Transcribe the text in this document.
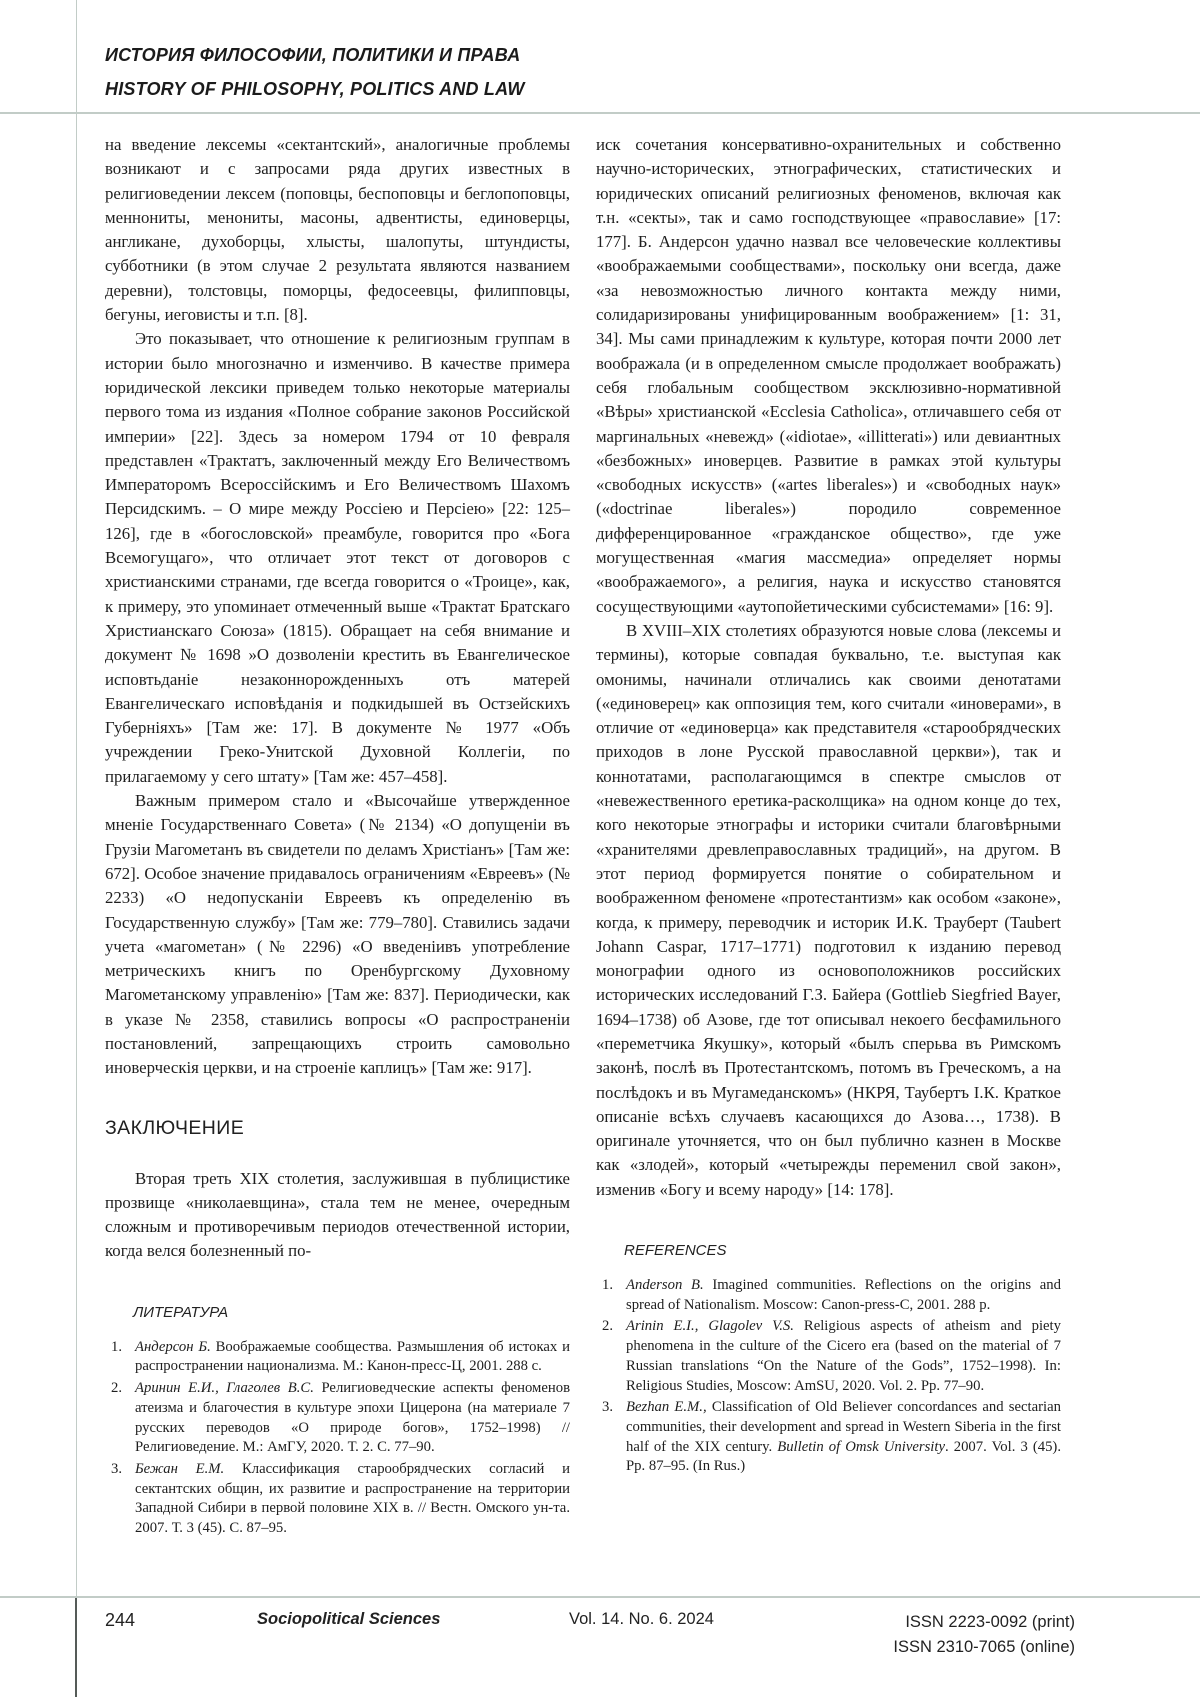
ИСТОРИЯ ФИЛОСОФИИ, ПОЛИТИКИ И ПРАВА
HISTORY OF PHILOSOPHY, POLITICS AND LAW

на введение лексемы «сектантский», аналогичные проблемы возникают и с запросами ряда других известных в религиоведении лексем (поповцы, беспоповцы и беглопоповцы, меннониты, менониты, масоны, адвентисты, единоверцы, англикане, духоборцы, хлысты, шалопуты, штундисты, субботники (в этом случае 2 результата являются названием деревни), толстовцы, поморцы, федосеевцы, филипповцы, бегуны, иеговисты и т.п. [8].

Это показывает, что отношение к религиозным группам в истории было многозначно и изменчиво. В качестве примера юридической лексики приведем только некоторые материалы первого тома из издания «Полное собрание законов Российской империи» [22]. Здесь за номером 1794 от 10 февраля представлен «Трактатъ, заключенный между Его Величествомъ Императоромъ Всероссійскимъ и Его Величествомъ Шахомъ Персидскимъ. – О мире между Россіею и Персіею» [22: 125–126], где в «богословской» преамбуле, говорится про «Бога Всемогущаго», что отличает этот текст от договоров с христианскими странами, где всегда говорится о «Троице», как, к примеру, это упоминает отмеченный выше «Трактат Братскаго Христианскаго Союза» (1815). Обращает на себя внимание и документ № 1698 »О дозволеніи крестить въ Евангелическое исповтьданіе незаконнорожденныхъ отъ матерей Евангелическаго исповѣданія и подкидышей въ Остзейскихъ Губерніяхъ» [Там же: 17]. В документе № 1977 «Объ учреждении Греко-Унитской Духовной Коллегіи, по прилагаемому у сего штату» [Там же: 457–458].

Важным примером стало и «Высочайше утвержденное мненіе Государственнаго Совета» (№ 2134) «О допущеніи въ Грузіи Магометанъ въ свидетели по деламъ Христіанъ» [Там же: 672]. Особое значение придавалось ограничениям «Евреевъ» (№ 2233) «О недопусканіи Евреевъ къ определенію въ Государственную службу» [Там же: 779–780]. Ставились задачи учета «магометан» (№ 2296) «О введеніивъ употребление метрическихъ книгъ по Оренбургскому Духовному Магометанскому управленію» [Там же: 837]. Периодически, как в указе № 2358, ставились вопросы «О распространеніи постановлений, запрещающихъ строить самовольно иноверческія церкви, и на строеніе каплицъ» [Там же: 917].

ЗАКЛЮЧЕНИЕ

Вторая треть XIX столетия, заслужившая в публицистике прозвище «николаевщина», стала тем не менее, очередным сложным и противоречивым периодов отечественной истории, когда велся болезненный по-

ЛИТЕРАТУРА
1. Андерсон Б. Воображаемые сообщества. Размышления об истоках и распространении национализма. М.: Канон-пресс-Ц, 2001. 288 с.
2. Аринин Е.И., Глаголев В.С. Религиоведческие аспекты феноменов атеизма и благочестия в культуре эпохи Цицерона (на материале 7 русских переводов «О природе богов», 1752–1998) // Религиоведение. М.: АмГУ, 2020. Т. 2. С. 77–90.
3. Бежан Е.М. Классификация старообрядческих согласий и сектантских общин, их развитие и распространение на территории Западной Сибири в первой половине XIX в. // Вестн. Омского ун-та. 2007. Т. 3 (45). С. 87–95.

иск сочетания консервативно-охранительных и собственно научно-исторических, этнографических, статистических и юридических описаний религиозных феноменов, включая как т.н. «секты», так и само господствующее «православие» [17: 177]. Б. Андерсон удачно назвал все человеческие коллективы «воображаемыми сообществами», поскольку они всегда, даже «за невозможностью личного контакта между ними, солидаризированы унифицированным воображением» [1: 31, 34]. Мы сами принадлежим к культуре, которая почти 2000 лет воображала (и в определенном смысле продолжает воображать) себя глобальным сообществом эксклюзивно-нормативной «Вѣры» христианской «Ecclesia Catholica», отличавшего себя от маргинальных «невежд» («idiotae», «illitterati») или девиантных «безбожных» иноверцев. Развитие в рамках этой культуры «свободных искусств» («artes liberales») и «свободных наук» («doctrinae liberales») породило современное дифференцированное «гражданское общество», где уже могущественная «магия массмедиа» определяет нормы «воображаемого», а религия, наука и искусство становятся сосуществующими «аутопойетическими субсистемами» [16: 9].

В XVIII–XIX столетиях образуются новые слова (лексемы и термины), которые совпадая буквально, т.е. выступая как омонимы, начинали отличались как своими денотатами («единоверец» как оппозиция тем, кого считали «иноверами», в отличие от «единоверца» как представителя «старообрядческих приходов в лоне Русской православной церкви»), так и коннотатами, располагающимся в спектре смыслов от «невежественного еретика-расколщика» на одном конце до тех, кого некоторые этнографы и историки считали благовѣрными «хранителями древлеправославных традиций», на другом. В этот период формируется понятие о собирательном и воображенном феномене «протестантизм» как особом «законе», когда, к примеру, переводчик и историк И.К. Трауберт (Taubert Johann Caspar, 1717–1771) подготовил к изданию перевод монографии одного из основоположников российских исторических исследований Г.З. Байера (Gottlieb Siegfried Bayer, 1694–1738) об Азове, где тот описывал некоего бесфамильного «переметчика Якушку», который «былъ сперьва въ Римскомъ законѣ, послѣ въ Протестантскомъ, потомъ въ Греческомъ, а на послѣдокъ и въ Мугамеданскомъ» (НКРЯ, Таубертъ І.К. Краткое описаніе всѣхъ случаевъ касающихся до Азова…, 1738). В оригинале уточняется, что он был публично казнен в Москве как «злодей», который «четырежды переменил свой закон», изменив «Богу и всему народу» [14: 178].

REFERENCES
1. Anderson B. Imagined communities. Reflections on the origins and spread of Nationalism. Moscow: Canon-press-C, 2001. 288 p.
2. Arinin E.I., Glagolev V.S. Religious aspects of atheism and piety phenomena in the culture of the Cicero era (based on the material of 7 Russian translations “On the Nature of the Gods”, 1752–1998). In: Religious Studies, Moscow: AmSU, 2020. Vol. 2. Pp. 77–90.
3. Bezhan E.M., Classification of Old Believer concordances and sectarian communities, their development and spread in Western Siberia in the first half of the XIX century. Bulletin of Omsk University. 2007. Vol. 3 (45). Pp. 87–95. (In Rus.)
244	Sociopolitical Sciences	Vol. 14. No. 6. 2024	ISSN 2223-0092 (print)
ISSN 2310-7065 (online)
